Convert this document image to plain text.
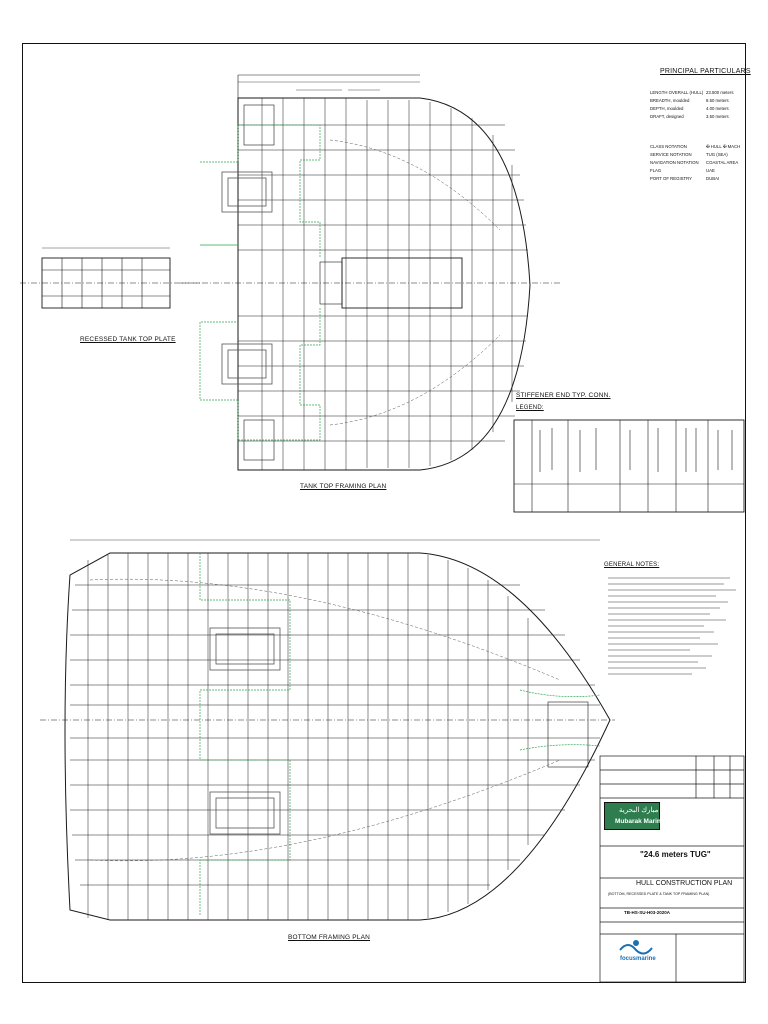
RECESSED TANK TOP PLATE
TANK TOP FRAMING PLAN
BOTTOM FRAMING PLAN
STIFFENER END TYP. CONN.
LEGEND:
PRINCIPAL PARTICULARS
LENGTH OVERALL (HULL) 23.500 meters
BREADTH, moulded	8.50 meters
DEPTH, moulded	4.00 meters
DRAFT, designed	3.50 meters
CLASS NOTATION	✠ HULL ✠ MACH
SERVICE NOTATION	TUG (SEA)
NAVIGATION NOTATION COASTAL AREA
FLAG	UAE
PORT OF REGISTRY	DUBAI
GENERAL NOTES:
مبارك البحرية
Mubarak Marine
"24.6 meters TUG"
HULL CONSTRUCTION PLAN
(BOTTOM, RECESSED PLATE & TANK TOP FRAMING PLAN)
TB-HS-SU-H03-2020A
focusmarine
